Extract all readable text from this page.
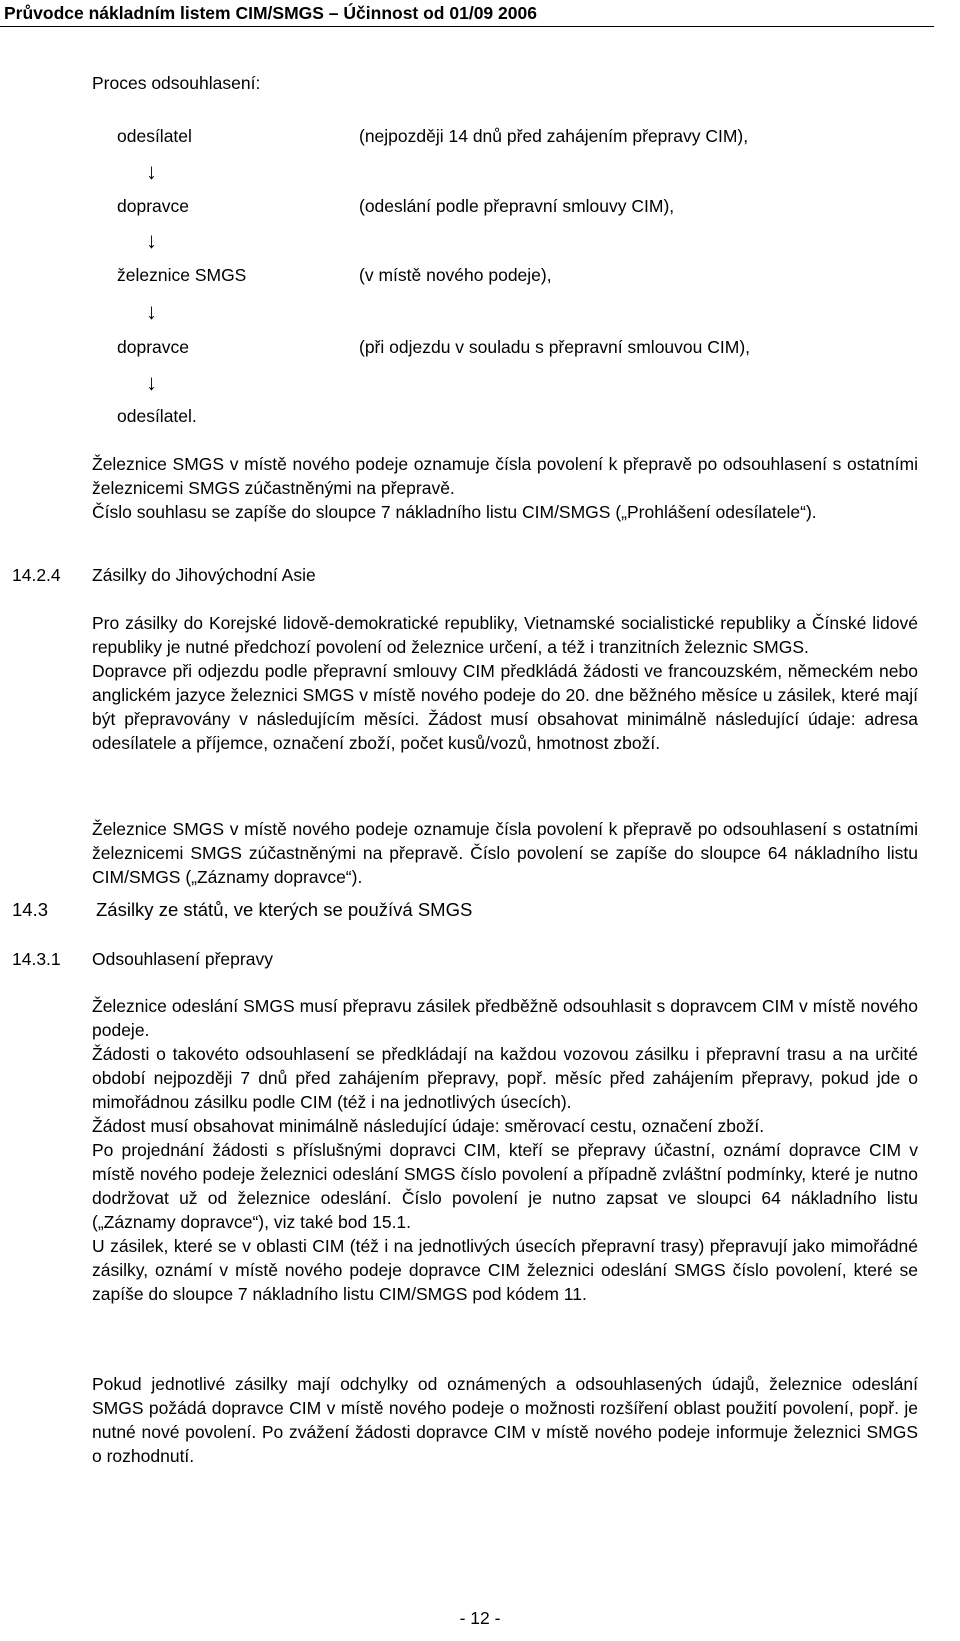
Průvodce nákladním listem CIM/SMGS – Účinnost od 01/09 2006
Proces odsouhlasení:
odesílatel	(nejpozději 14 dnů před zahájením přepravy CIM),
↓
dopravce	(odeslání podle přepravní smlouvy CIM),
↓
železnice SMGS	(v místě nového podeje),
↓
dopravce	(při odjezdu v souladu s přepravní smlouvou CIM),
↓
odesílatel.

Železnice SMGS v místě nového podeje oznamuje čísla povolení k přepravě po odsouhlasení s ostatními železnicemi SMGS zúčastněnými na přepravě.

Číslo souhlasu se zapíše do sloupce 7 nákladního listu CIM/SMGS („Prohlášení odesílatele“).

14.2.4 Zásilky do Jihovýchodní Asie

Pro zásilky do Korejské lidově-demokratické republiky, Vietnamské socialistické republiky a Čínské lidové republiky je nutné předchozí povolení od železnice určení, a též i tranzitních železnic SMGS.

Dopravce při odjezdu podle přepravní smlouvy CIM předkládá žádosti ve francouzském, německém nebo anglickém jazyce železnici SMGS v místě nového podeje do 20. dne běžného měsíce u zásilek, které mají být přepravovány v následujícím měsíci. Žádost musí obsahovat minimálně následující údaje: adresa odesílatele a příjemce, označení zboží, počet kusů/vozů, hmotnost zboží.

Železnice SMGS v místě nového podeje oznamuje čísla povolení k přepravě po odsouhlasení s ostatními železnicemi SMGS zúčastněnými na přepravě. Číslo povolení se zapíše do sloupce 64 nákladního listu CIM/SMGS („Záznamy dopravce“).

14.3	Zásilky ze států, ve kterých se používá SMGS
14.3.1 Odsouhlasení přepravy

Železnice odeslání SMGS musí přepravu zásilek předběžně odsouhlasit s dopravcem CIM v místě nového podeje.

Žádosti o takovéto odsouhlasení se předkládají na každou vozovou zásilku i přepravní trasu a na určité období nejpozději 7 dnů před zahájením přepravy, popř. měsíc před zahájením přepravy, pokud jde o mimořádnou zásilku podle CIM (též i na jednotlivých úsecích).

Žádost musí obsahovat minimálně následující údaje: směrovací cestu, označení zboží.

Po projednání žádosti s příslušnými dopravci CIM, kteří se přepravy účastní, oznámí dopravce CIM v místě nového podeje železnici odeslání SMGS číslo povolení a případně zvláštní podmínky, které je nutno dodržovat už od železnice odeslání. Číslo povolení je nutno zapsat ve sloupci 64 nákladního listu („Záznamy dopravce“), viz také bod 15.1.

U zásilek, které se v oblasti CIM (též i na jednotlivých úsecích přepravní trasy) přepravují jako mimořádné zásilky, oznámí v místě nového podeje dopravce CIM železnici odeslání SMGS číslo povolení, které se zapíše do sloupce 7 nákladního listu CIM/SMGS pod kódem 11.

Pokud jednotlivé zásilky mají odchylky od oznámených a odsouhlasených údajů, železnice odeslání SMGS požádá dopravce CIM v místě nového podeje o možnosti rozšíření oblast použití povolení, popř. je nutné nové povolení. Po zvážení žádosti dopravce CIM v místě nového podeje informuje železnici SMGS o rozhodnutí.

- 12 -
